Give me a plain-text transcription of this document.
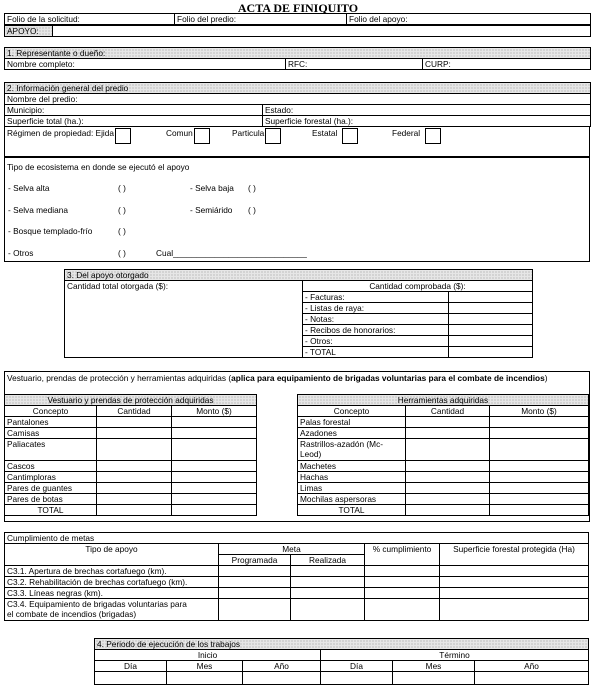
ACTA DE FINIQUITO
Folio de la solicitud:	Folio del predio:	Folio del apoyo:
APOYO:	
1. Representante o dueño:
Nombre completo:	RFC:	CURP:
2. Información general del predio	
Nombre del predio:	
Municipio:	Estado:
Superficie total (ha.):	Superficie forestal (ha.):
Régimen de propiedad: Ejida	Comun	Particula	Estatal	Federal
Tipo de ecosistema en donde se ejecutó el apoyo
- Selva alta	( )	- Selva baja ( )
- Selva mediana	( )	- Semiárido ( )
- Bosque templado-frío	( )
- Otros	( )	Cual_____________________________
3. Del apoyo otorgado		
Cantidad total otorgada ($):	Cantidad comprobada ($):	
	- Facturas:	
	- Listas de raya:	
	- Notas:	
	- Recibos de honorarios:	
	- Otros:	
	- TOTAL	
Vestuario, prendas de protección y herramientas adquiridas (aplica para equipamiento de brigadas voluntarias para el combate de incendios)
Vestuario y prendas de protección adquiridas		
Concepto	Cantidad	Monto ($)
Pantalones		
Camisas		
Paliacates		
Cascos		
Cantimploras		
Pares de guantes		
Pares de botas		
TOTAL		
Herramientas adquiridas		
Concepto	Cantidad	Monto ($)
Palas forestal		
Azadones		
Rastrillos-azadón (Mc-
Leod)		
Machetes		
Hachas		
Limas		
Mochilas aspersoras		
TOTAL		
Cumplimiento de metas				
Tipo de apoyo	Meta		% cumplimiento	Superficie forestal protegida (Ha)
	Programada	Realizada		
C3.1. Apertura de brechas cortafuego (km).				
C3.2. Rehabilitación de brechas cortafuego (km).				
C3.3. Líneas negras (km).				
C3.4. Equipamiento de brigadas voluntarias para
el combate de incendios (brigadas)				
4. Periodo de ejecución de los trabajos					
Inicio			Término		
Día	Mes	Año	Día	Mes	Año
